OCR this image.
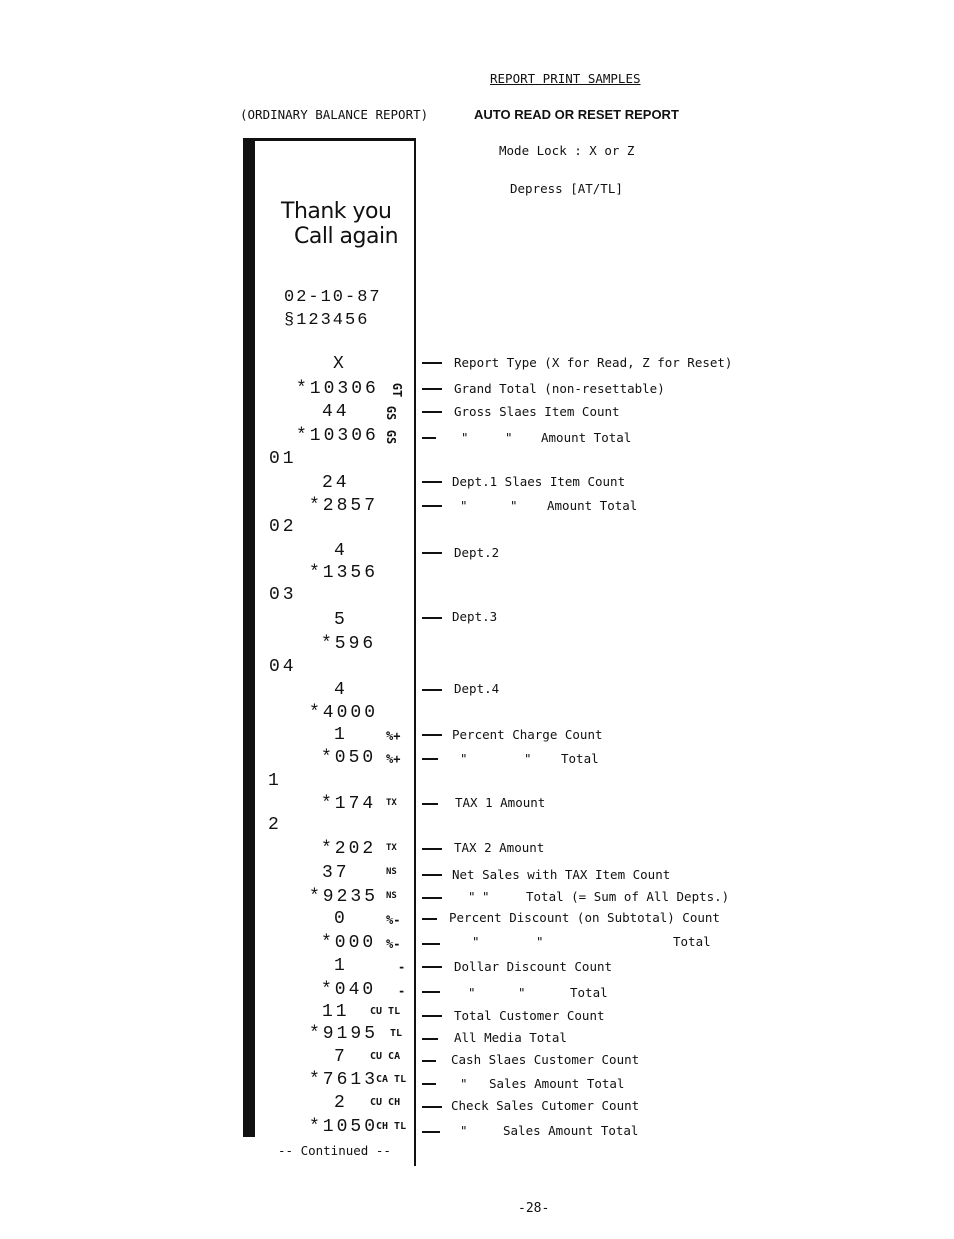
REPORT PRINT SAMPLES
(ORDINARY BALANCE REPORT)	AUTO READ OR RESET REPORT
Mode Lock : X or Z
Depress [AT/TL]
Thank you
Call again
02-10-87
§123456
X
*10306 GT
44	GS
*10306 GS
01
24
*2857
02
4
*1356
03
5
*596
04
4
*4000
1	%+
*050 %+
1
*174 TX
2
*202 TX
37	NS
*9235 NS
0	%-
*000 %-
1	-
*040 -
11 CU TL
*9195 TL
7 CU CA
*7613
CA TL
2 CU CH
*1050
CH TL
-- Continued --
Report Type (X for Read, Z for Reset)
Grand Total (non-resettable)
Gross Slaes Item Count
"	" Amount Total
Dept.1 Slaes Item Count
"	" Amount Total
Dept.2
Dept.3
Dept.4
Percent Charge Count
"	" Total
TAX 1 Amount
TAX 2 Amount
Net Sales with TAX Item Count
" "	Total (= Sum of All Depts.)
Percent Discount (on Subtotal) Count
"	"	Total
Dollar Discount Count
"	"	Total
Total Customer Count
All Media Total
Cash Slaes Customer Count
" Sales Amount Total
Check Sales Cutomer Count
"	Sales Amount Total
-28-
